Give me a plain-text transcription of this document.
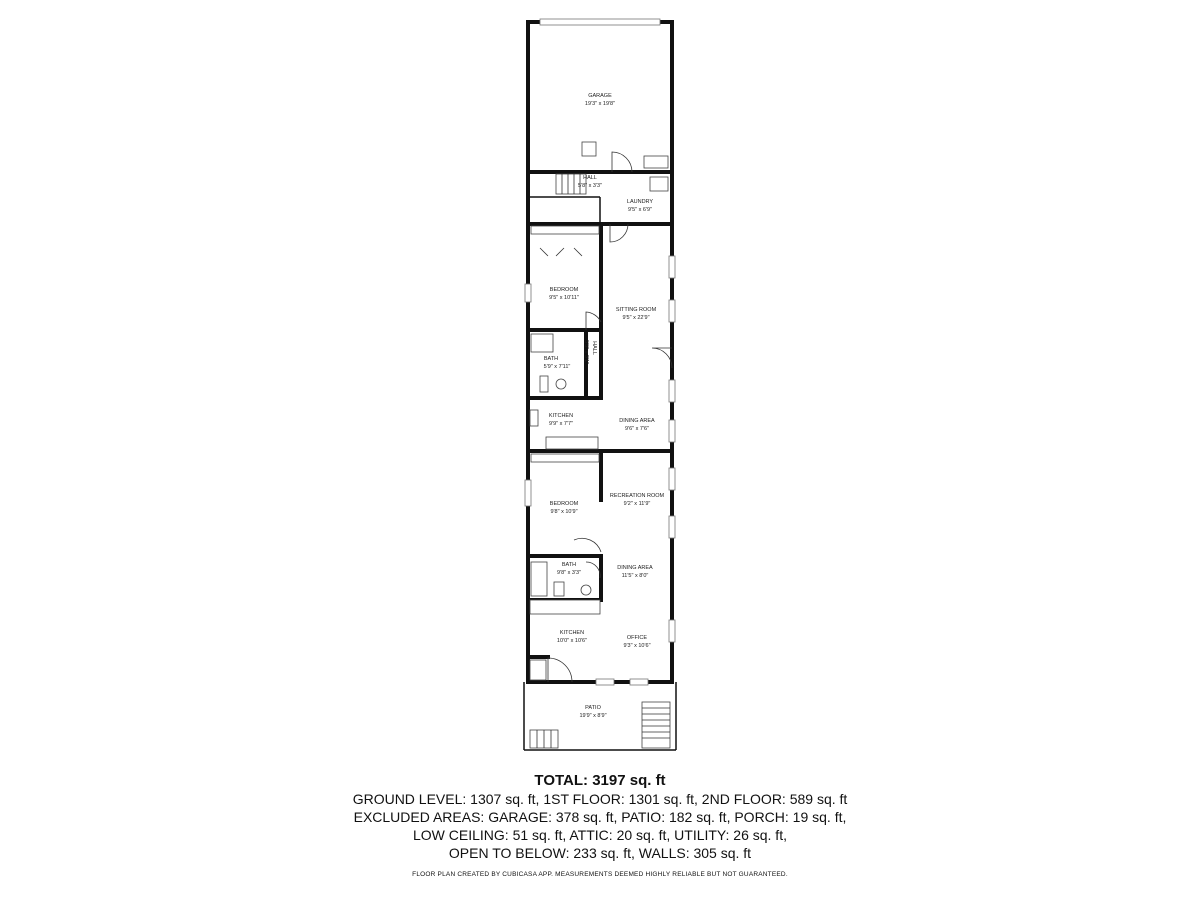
GARAGE
19'3" x 19'8"
HALL
5'8" x 3'3"
LAUNDRY
9'5" x 6'9"
BEDROOM
9'5" x 10'11"
SITTING ROOM
9'5" x 22'9"
BATH
5'9" x 7'11"
HALL
5'5" x 3'1"
KITCHEN
9'9" x 7'7"	DINING AREA
9'6" x 7'6"
BEDROOM
9'8" x 10'9"
RECREATION ROOM
9'2" x 11'9"
BATH
9'8" x 3'3"
DINING AREA
11'5" x 8'0"
KITCHEN
10'0" x 10'6"	OFFICE
9'3" x 10'6"
PATIO
19'9" x 8'9"
TOTAL: 3197 sq. ft
GROUND LEVEL: 1307 sq. ft, 1ST FLOOR: 1301 sq. ft, 2ND FLOOR: 589 sq. ft
EXCLUDED AREAS: GARAGE: 378 sq. ft, PATIO: 182 sq. ft, PORCH: 19 sq. ft,
LOW CEILING: 51 sq. ft, ATTIC: 20 sq. ft, UTILITY: 26 sq. ft,
OPEN TO BELOW: 233 sq. ft, WALLS: 305 sq. ft
FLOOR PLAN CREATED BY CUBICASA APP. MEASUREMENTS DEEMED HIGHLY RELIABLE BUT NOT GUARANTEED.
